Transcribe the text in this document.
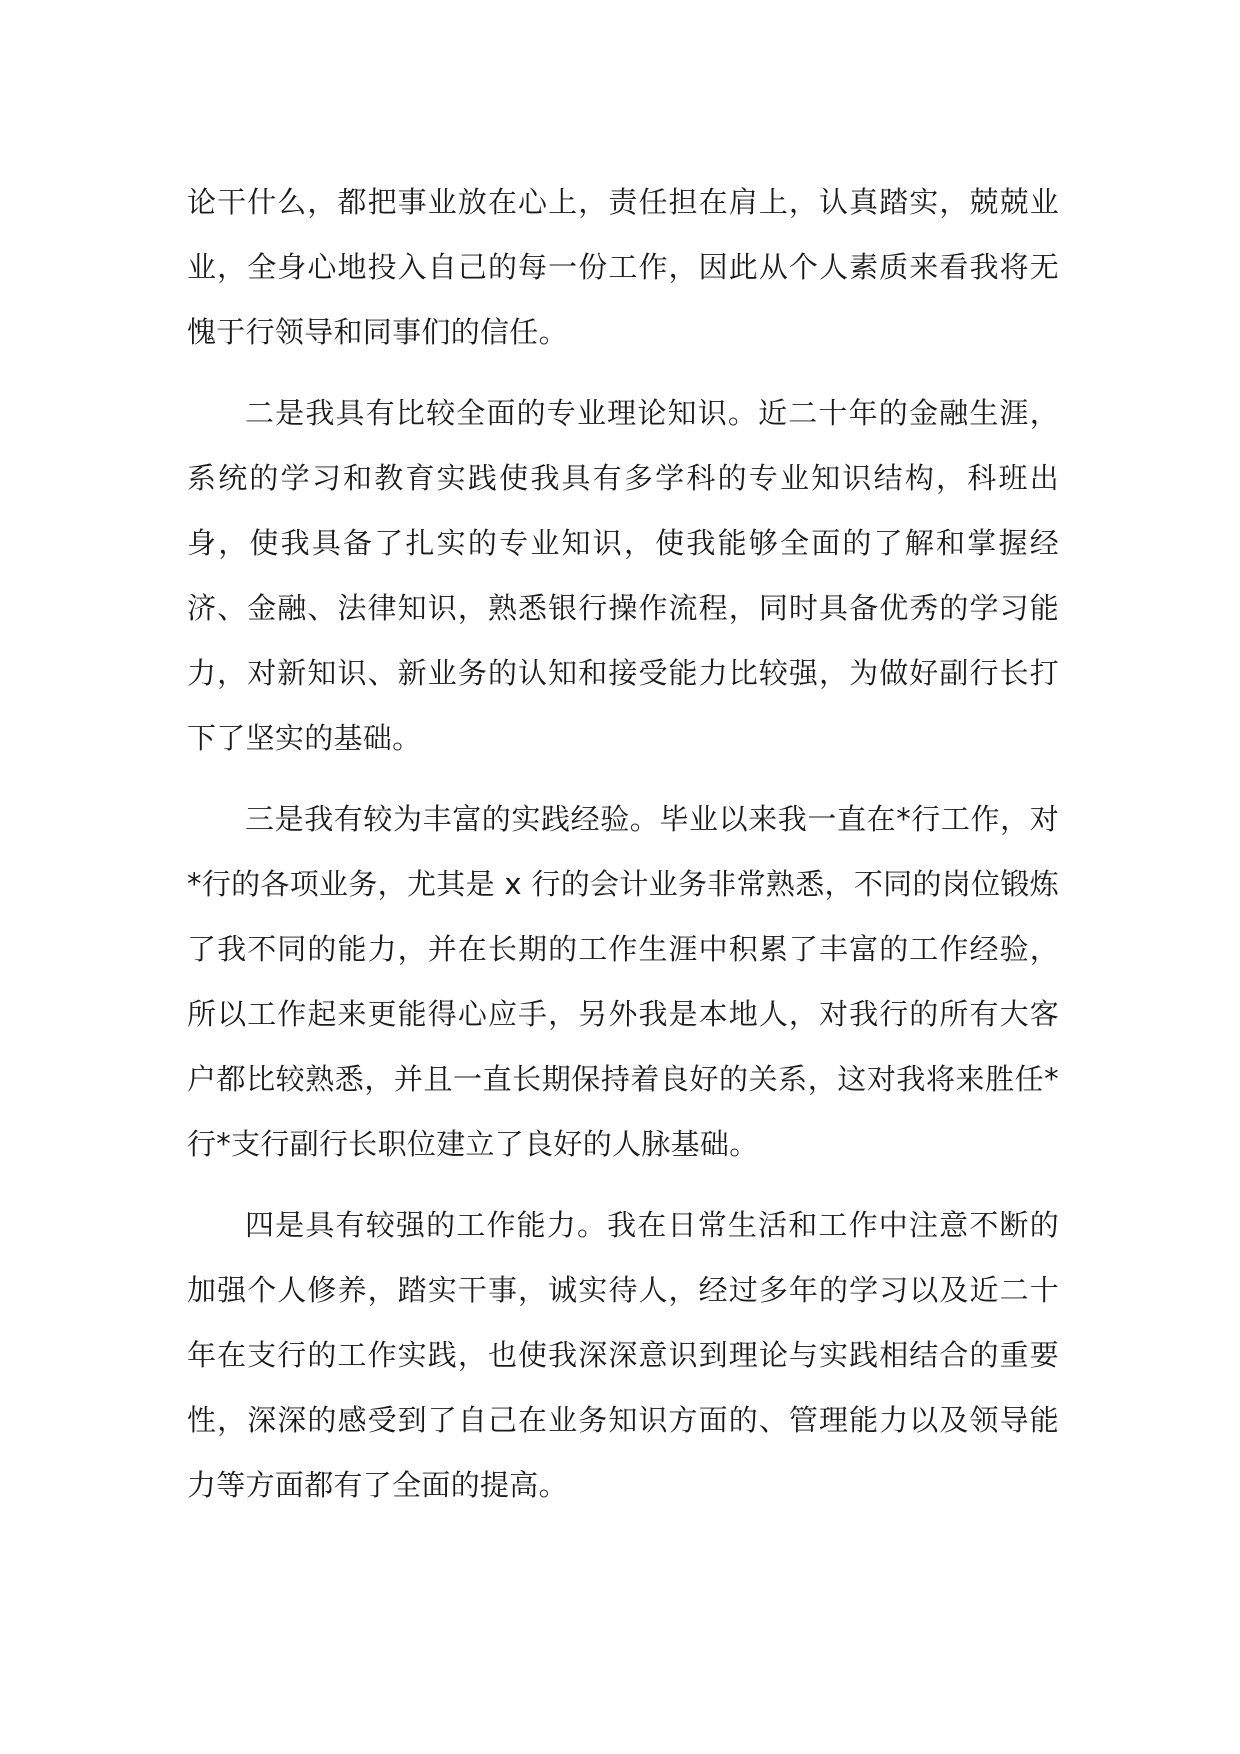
论干什么，都把事业放在心上，责任担在肩上，认真踏实，兢兢业业，全身心地投入自己的每一份工作，因此从个人素质来看我将无愧于行领导和同事们的信任。

二是我具有比较全面的专业理论知识。近二十年的金融生涯，系统的学习和教育实践使我具有多学科的专业知识结构，科班出身，使我具备了扎实的专业知识，使我能够全面的了解和掌握经济、金融、法律知识，熟悉银行操作流程，同时具备优秀的学习能力，对新知识、新业务的认知和接受能力比较强，为做好副行长打下了坚实的基础。

三是我有较为丰富的实践经验。毕业以来我一直在*行工作，对*行的各项业务，尤其是 x 行的会计业务非常熟悉，不同的岗位锻炼了我不同的能力，并在长期的工作生涯中积累了丰富的工作经验，所以工作起来更能得心应手，另外我是本地人，对我行的所有大客户都比较熟悉，并且一直长期保持着良好的关系，这对我将来胜任*行*支行副行长职位建立了良好的人脉基础。

四是具有较强的工作能力。我在日常生活和工作中注意不断的加强个人修养，踏实干事，诚实待人，经过多年的学习以及近二十年在支行的工作实践，也使我深深意识到理论与实践相结合的重要性，深深的感受到了自己在业务知识方面的、管理能力以及领导能力等方面都有了全面的提高。
